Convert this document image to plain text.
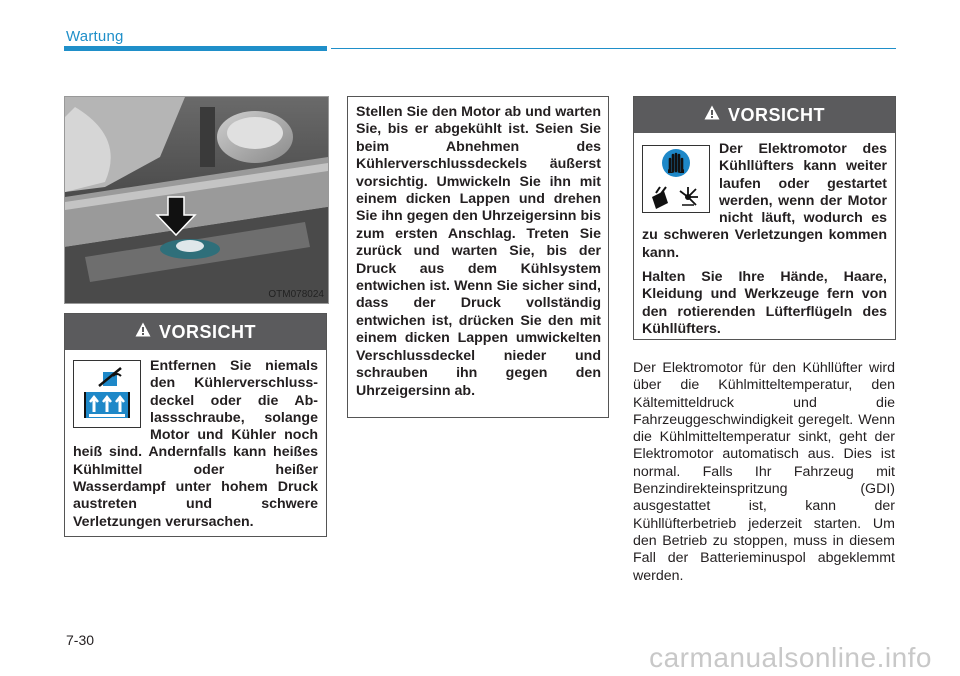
Wartung
OTM078024
VORSICHT

Entfernen Sie niemals den Kühlerverschlussdeckel oder die Ablassschraube, solange Motor und Kühler noch heiß sind. Andernfalls kann heißes Kühlmittel oder heißer Wasserdampf unter hohem Druck austreten und schwere Verletzungen verursachen.

Stellen Sie den Motor ab und warten Sie, bis er abgekühlt ist. Seien Sie beim Abnehmen des Kühlerverschlussdeckels äußerst vorsichtig. Umwickeln Sie ihn mit einem dicken Lappen und drehen Sie ihn gegen den Uhrzeigersinn bis zum ersten Anschlag. Treten Sie zurück und warten Sie, bis der Druck aus dem Kühlsystem entwichen ist. Wenn Sie sicher sind, dass der Druck vollständig entwichen ist, drücken Sie den mit einem dicken Lappen umwickelten Verschlussdeckel nieder und schrauben ihn gegen den Uhrzeigersinn ab.
VORSICHT

Der Elektromotor des Kühllüfters kann weiter laufen oder gestartet werden, wenn der Motor nicht läuft, wodurch es zu schweren Verletzungen kommen kann.

Halten Sie Ihre Hände, Haare, Kleidung und Werkzeuge fern von den rotierenden Lüfterflügeln des Kühllüfters.

Der Elektromotor für den Kühllüfter wird über die Kühlmitteltemperatur, den Kältemitteldruck und die Fahrzeuggeschwindigkeit geregelt. Wenn die Kühlmitteltemperatur sinkt, geht der Elektromotor automatisch aus. Dies ist normal. Falls Ihr Fahrzeug mit Benzindirekteinspritzung (GDI) ausgestattet ist, kann der Kühllüfterbetrieb jederzeit starten. Um den Betrieb zu stoppen, muss in diesem Fall der Batterieminuspol abgeklemmt werden.
7-30
carmanualsonline.info
